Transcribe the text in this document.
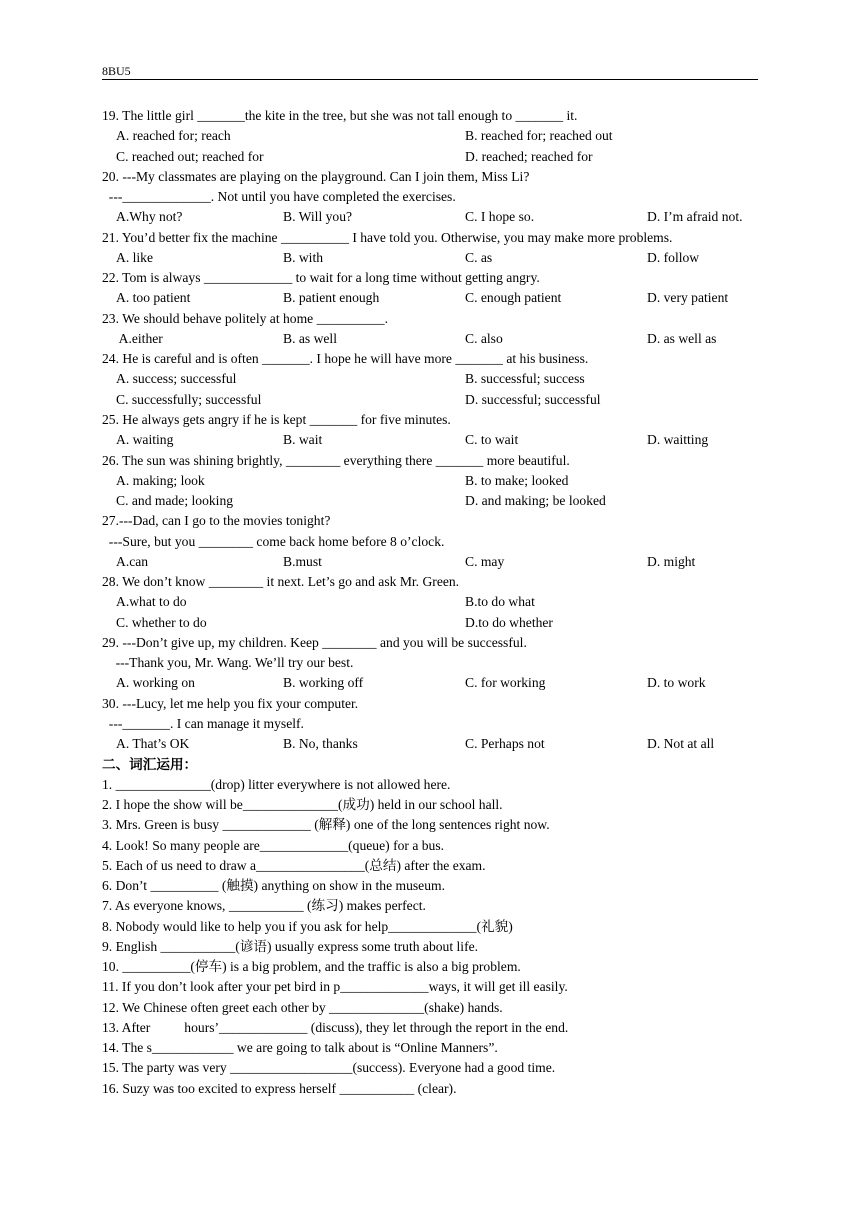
8BU5
19. The little girl _______the kite in the tree, but she was not tall enough to _______ it.
A. reached for; reach	B. reached for; reached out
C. reached out; reached for	D. reached; reached for
20. ---My classmates are playing on the playground. Can I join them, Miss Li?
---_____________. Not until you have completed the exercises.
A.Why not?	B. Will you?	C. I hope so.	D. I’m afraid not.
21. You’d better fix the machine __________ I have told you. Otherwise, you may make more problems.
A. like	B. with	C. as	D. follow
22. Tom is always _____________ to wait for a long time without getting angry.
A. too patient	B. patient enough	C. enough patient	D. very patient
23. We should behave politely at home __________.
A.either	B. as well	C. also	D. as well as
24. He is careful and is often _______. I hope he will have more _______ at his business.
A. success; successful	B. successful; success
C. successfully; successful	D. successful; successful
25. He always gets angry if he is kept _______ for five minutes.
A. waiting	B. wait	C. to wait	D. waitting
26. The sun was shining brightly, ________ everything there _______ more beautiful.
A. making; look	B. to make; looked
C. and made; looking	D. and making; be looked
27.---Dad, can I go to the movies tonight?
---Sure, but you ________ come back home before 8 o’clock.
A.can	B.must	C. may	D. might
28. We don’t know ________ it next. Let’s go and ask Mr. Green.
A.what to do	B.to do what
C. whether to do	D.to do whether
29. ---Don’t give up, my children. Keep ________ and you will be successful.
---Thank you, Mr. Wang. We’ll try our best.
A. working on	B. working off	C. for working	D. to work
30. ---Lucy, let me help you fix your computer.
---_______. I can manage it myself.
A. That’s OK	B. No, thanks	C. Perhaps not	D. Not at all
二、词汇运用：
1. ______________(drop) litter everywhere is not allowed here.
2. I hope the show will be______________(成功) held in our school hall.
3. Mrs. Green is busy _____________ (解释) one of the long sentences right now.
4. Look! So many people are_____________(queue) for a bus.
5. Each of us need to draw a________________(总结) after the exam.
6. Don’t __________ (触摸) anything on show in the museum.
7. As everyone knows, ___________ (练习) makes perfect.
8. Nobody would like to help you if you ask for help_____________(礼貌)
9. English ___________(谚语) usually express some truth about life.
10. __________(停车) is a big problem, and the traffic is also a big problem.
11. If you don’t look after your pet bird in p_____________ways, it will get ill easily.
12. We Chinese often greet each other by ______________(shake) hands.
13. After          hours’_____________ (discuss), they let through the report in the end.
14. The s____________ we are going to talk about is “Online Manners”.
15. The party was very __________________(success). Everyone had a good time.
16. Suzy was too excited to express herself ___________ (clear).
